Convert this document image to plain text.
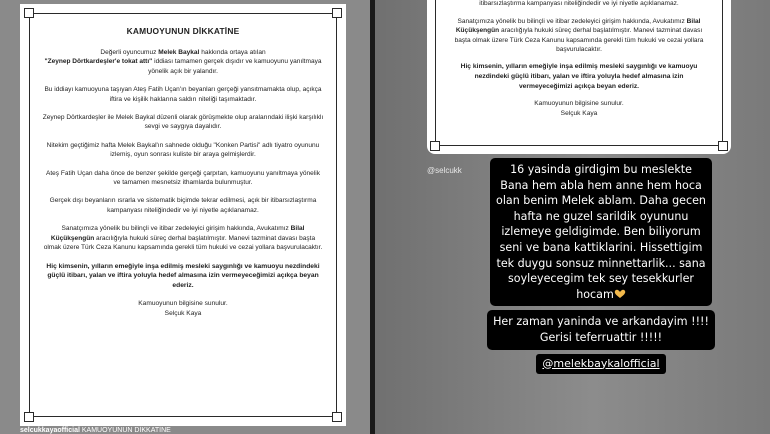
KAMUOYUNUN DİKKATİNE

Değerli oyuncumuz Melek Baykal hakkında ortaya atılan
"Zeynep Dörtkardeşler'e tokat attı" iddiası tamamen gerçek dışıdır ve kamuoyunu yanıltmaya yönelik açık bir yalandır.

Bu iddiayı kamuoyuna taşıyan Ateş Fatih Uçan'ın beyanları gerçeği yansıtmamakta olup, açıkça iftira ve kişilik haklarına saldırı niteliği taşımaktadır.

Zeynep Dörtkardeşler ile Melek Baykal düzenli olarak görüşmekte olup aralarındaki ilişki karşılıklı sevgi ve saygıya dayalıdır.

Nitekim geçtiğimiz hafta Melek Baykal'ın sahnede olduğu "Konken Partisi" adlı tiyatro oyununu izlemiş, oyun sonrası kuliste bir araya gelmişlerdir.

Ateş Fatih Uçan daha önce de benzer şekilde gerçeği çarpıtan, kamuoyunu yanıltmaya yönelik ve tamamen mesnetsiz ithamlarda bulunmuştur.

Gerçek dışı beyanların ısrarla ve sistematik biçimde tekrar edilmesi, açık bir itibarsızlaştırma kampanyası niteliğindedir ve iyi niyetle açıklanamaz.

Sanatçımıza yönelik bu bilinçli ve itibar zedeleyici girişim hakkında, Avukatımız Bilal Küçükşengün aracılığıyla hukuki süreç derhal başlatılmıştır. Manevi tazminat davası başta olmak üzere Türk Ceza Kanunu kapsamında gerekli tüm hukuki ve cezai yollara başvurulacaktır.

Hiç kimsenin, yılların emeğiyle inşa edilmiş mesleki saygınlığı ve kamuoyu nezdindeki güçlü itibarı, yalan ve iftira yoluyla hedef almasına izin vermeyeceğimizi açıkça beyan ederiz.

Kamuoyunun bilgisine sunulur.

Selçuk Kaya

selcukkayaofficial KAMUOYUNUN DİKKATİNE

itibarsızlaştırma kampanyası niteliğindedir ve iyi niyetle açıklanamaz.

Sanatçımıza yönelik bu bilinçli ve itibar zedeleyici girişim hakkında, Avukatımız Bilal Küçükşengün aracılığıyla hukuki süreç derhal başlatılmıştır. Manevi tazminat davası başta olmak üzere Türk Ceza Kanunu kapsamında gerekli tüm hukuki ve cezai yollara başvurulacaktır.

Hiç kimsenin, yılların emeğiyle inşa edilmiş mesleki saygınlığı ve kamuoyu nezdindeki güçlü itibarı, yalan ve iftira yoluyla hedef almasına izin vermeyeceğimizi açıkça beyan ederiz.

Kamuoyunun bilgisine sunulur.

Selçuk Kaya

@selcukk	16 yasinda girdigim bu meslekte
Bana hem abla hem anne hem hoca
olan benim Melek ablam. Daha gecen
hafta ne guzel sarildik oyununu
izlemeye geldigimde. Ben biliyorum
seni ve bana kattiklarini. Hissettigim
tek duygu sonsuz minnettarlik... sana
soyleyecegim tek sey tesekkurler
hocam
Her zaman yaninda ve arkandayim !!!!
Gerisi teferruattir !!!!!
@melekbaykalofficial
